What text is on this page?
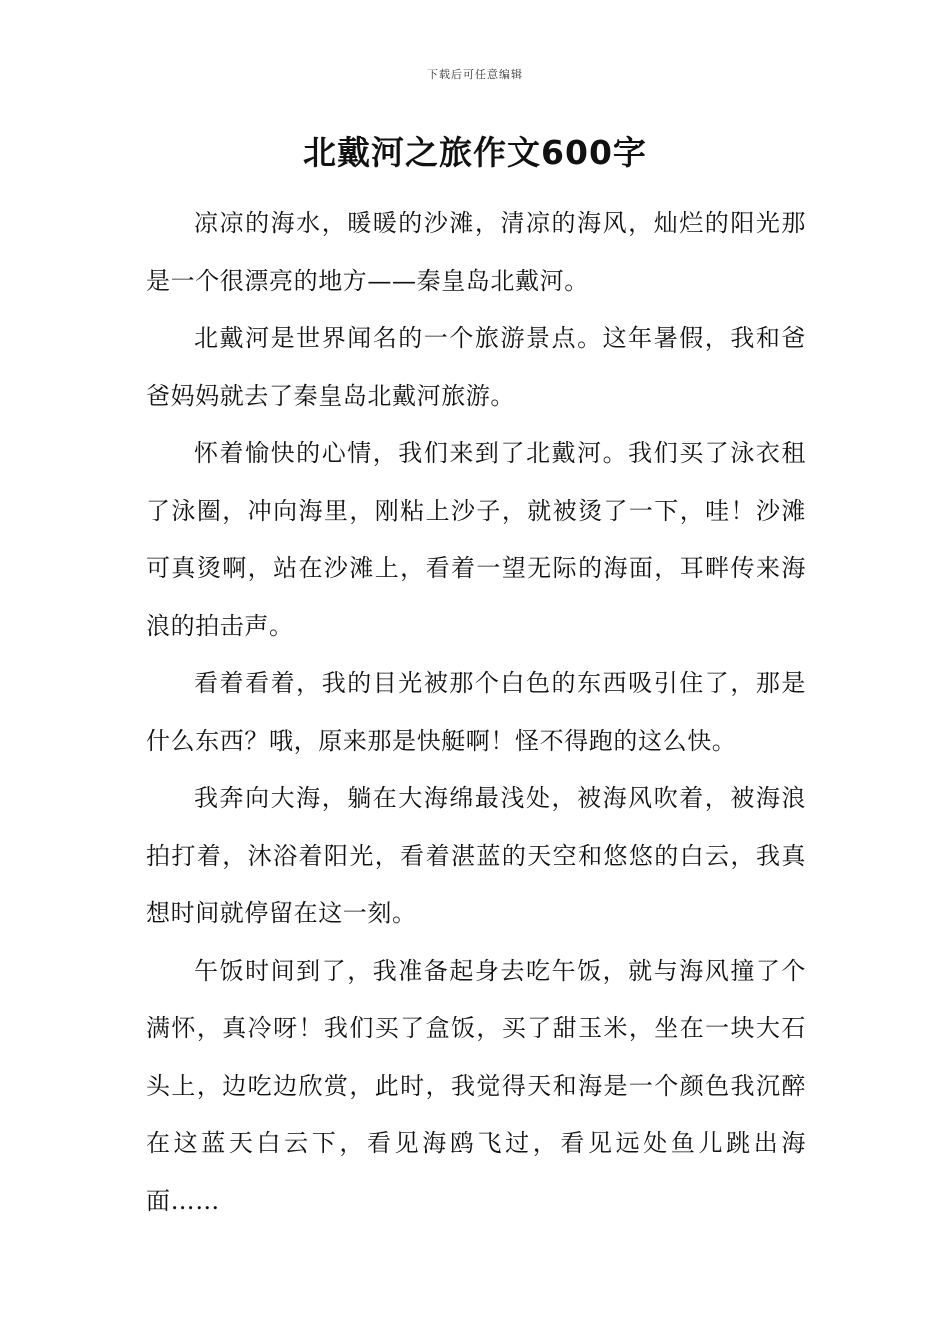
下载后可任意编辑
北戴河之旅作文600字

凉凉的海水，暖暖的沙滩，清凉的海风，灿烂的阳光那是一个很漂亮的地方——秦皇岛北戴河。

北戴河是世界闻名的一个旅游景点。这年暑假，我和爸爸妈妈就去了秦皇岛北戴河旅游。

怀着愉快的心情，我们来到了北戴河。我们买了泳衣租了泳圈，冲向海里，刚粘上沙子，就被烫了一下，哇！沙滩可真烫啊，站在沙滩上，看着一望无际的海面，耳畔传来海浪的拍击声。

看着看着，我的目光被那个白色的东西吸引住了，那是什么东西？哦，原来那是快艇啊！怪不得跑的这么快。

我奔向大海，躺在大海绵最浅处，被海风吹着，被海浪拍打着，沐浴着阳光，看着湛蓝的天空和悠悠的白云，我真想时间就停留在这一刻。

午饭时间到了，我准备起身去吃午饭，就与海风撞了个满怀，真冷呀！我们买了盒饭，买了甜玉米，坐在一块大石头上，边吃边欣赏，此时，我觉得天和海是一个颜色我沉醉在这蓝天白云下，看见海鸥飞过，看见远处鱼儿跳出海面……
